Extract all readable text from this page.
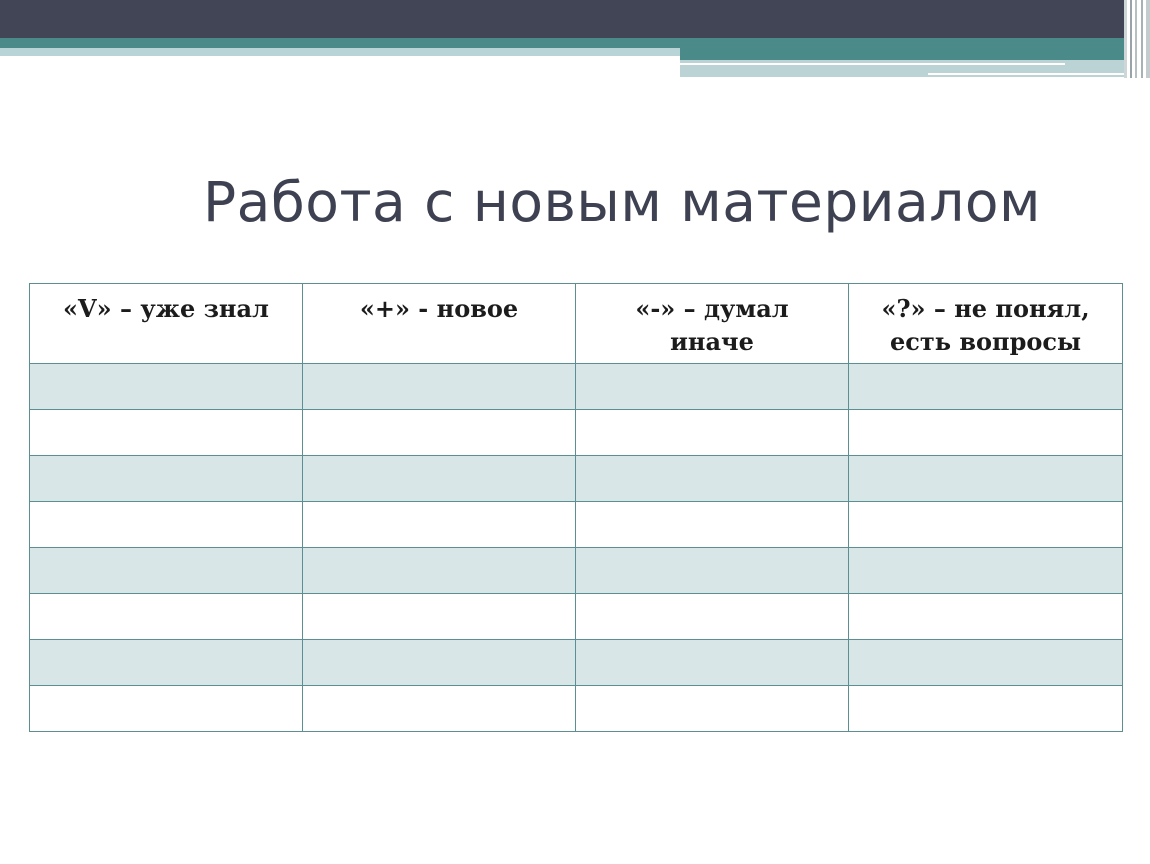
Работа с новым материалом
«V» – уже знал	«+» - новое	«-» – думал иначе	«?» – не понял, есть вопросы
